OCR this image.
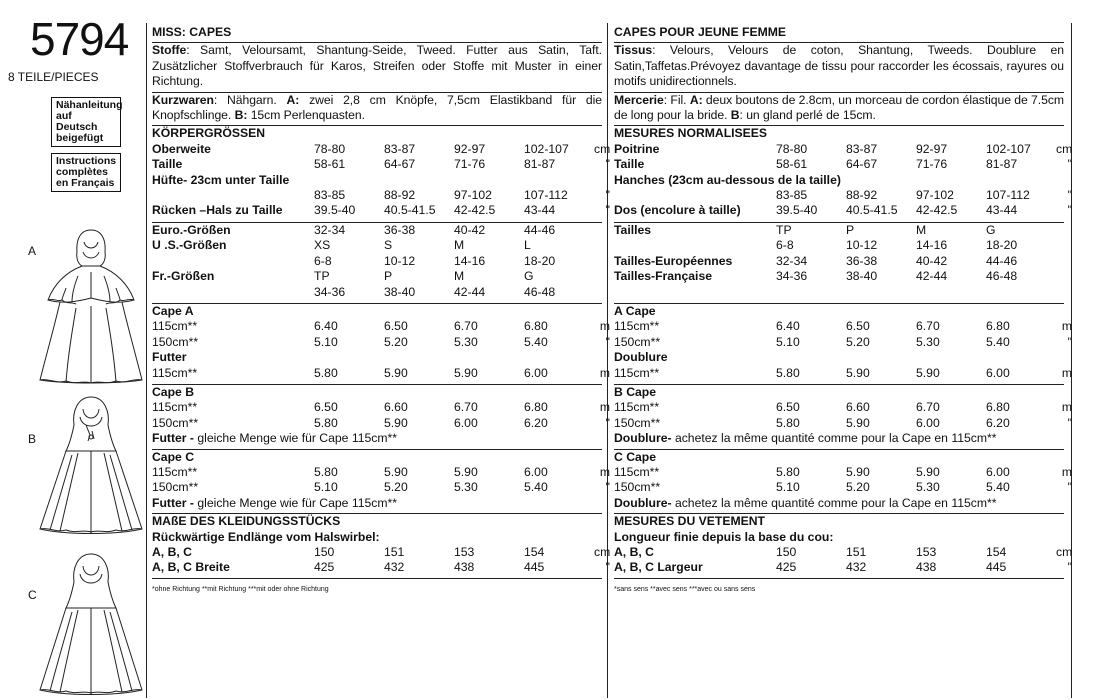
5794
8 TEILE/PIECES
Nähanleitung auf Deutsch beigefügt
Instructions complètes en Français
A
B
C
MISS: CAPES
Stoffe: Samt, Veloursamt, Shantung-Seide, Tweed. Futter aus Satin, Taft. Zusätzlicher Stoffverbrauch für Karos, Streifen oder Stoffe mit Muster in einer Richtung.
Kurzwaren: Nähgarn. A: zwei 2,8 cm Knöpfe, 7,5cm Elastikband für die Knopfschlinge. B: 15cm Perlenquasten.
KÖRPERGRÖSSEN
Oberweite	78-80	83-87	92-97	102-107	cm
Taille	58-61	64-67	71-76	81-87	"
Hüfte- 23cm unter Taille					
	83-85	88-92	97-102	107-112	"
Rücken –Hals zu Taille	39.5-40	40.5-41.5	42-42.5	43-44	"
Euro.-Größen	32-34	36-38	40-42	44-46	
U .S.-Größen	XS	S	M	L	
	6-8	10-12	14-16	18-20	
Fr.-Größen	TP	P	M	G	
	34-36	38-40	42-44	46-48	
Cape A					
115cm**	6.40	6.50	6.70	6.80	m
150cm**	5.10	5.20	5.30	5.40	"
Futter					
115cm**	5.80	5.90	5.90	6.00	m
Cape B					
115cm**	6.50	6.60	6.70	6.80	m
150cm**	5.80	5.90	6.00	6.20	"
Futter - gleiche Menge wie für Cape 115cm**
Cape C					
115cm**	5.80	5.90	5.90	6.00	m
150cm**	5.10	5.20	5.30	5.40	"
Futter - gleiche Menge wie für Cape 115cm**
MAßE DES KLEIDUNGSSTÜCKS
Rückwärtige Endlänge vom Halswirbel:
A, B, C	150	151	153	154	cm
A, B, C Breite	425	432	438	445	"
*ohne Richtung **mit Richtung ***mit oder ohne Richtung
CAPES POUR JEUNE FEMME
Tissus: Velours, Velours de coton, Shantung, Tweeds. Doublure en Satin,Taffetas.Prévoyez davantage de tissu pour raccorder les écossais, rayures ou motifs unidirectionnels.
Mercerie: Fil. A: deux boutons de 2.8cm, un morceau de cordon élastique de 7.5cm de long pour la bride. B: un gland perlé de 15cm.
MESURES NORMALISEES
Poitrine	78-80	83-87	92-97	102-107	cm
Taille	58-61	64-67	71-76	81-87	"
Hanches (23cm au-dessous de la taille)					
	83-85	88-92	97-102	107-112	"
Dos (encolure à taille)	39.5-40	40.5-41.5	42-42.5	43-44	"
Tailles	TP	P	M	G	
	6-8	10-12	14-16	18-20	
Tailles-Européennes	32-34	36-38	40-42	44-46	
Tailles-Française	34-36	38-40	42-44	46-48	

A Cape					
115cm**	6.40	6.50	6.70	6.80	m
150cm**	5.10	5.20	5.30	5.40	"
Doublure					
115cm**	5.80	5.90	5.90	6.00	m
B Cape					
115cm**	6.50	6.60	6.70	6.80	m
150cm**	5.80	5.90	6.00	6.20	"
Doublure- achetez la même quantité comme pour la Cape en 115cm**
C Cape					
115cm**	5.80	5.90	5.90	6.00	m
150cm**	5.10	5.20	5.30	5.40	"
Doublure- achetez la même quantité comme pour la Cape en 115cm**
MESURES DU VETEMENT
Longueur finie depuis la base du cou:
A, B, C	150	151	153	154	cm
A, B, C Largeur	425	432	438	445	"
*sans sens **avec sens ***avec ou sans sens
